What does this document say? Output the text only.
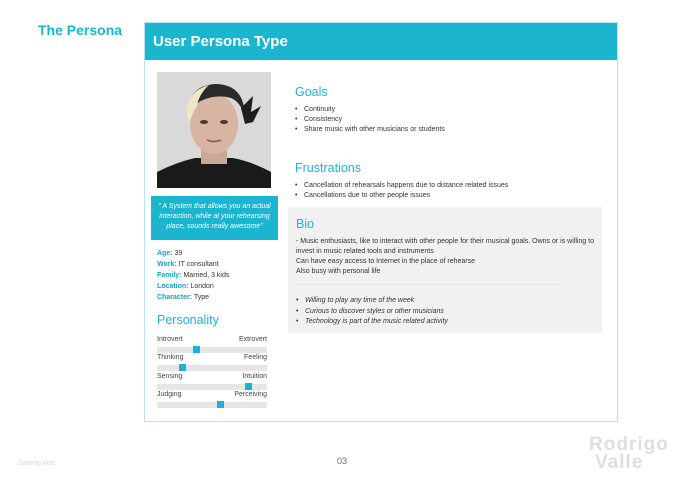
The Persona
User Persona Type
" A System that allows you an actual interaction, while at your rehearsing place, sounds really awesome"
Age: 39
Work: IT consultant
Family: Married, 3 kids
Location: London
Character: Type
Personality
Introvert	Extrovert
Thinking	Feeling
Sensing	Intuition
Judging	Perceiving
Goals
• Continuity
• Consistency
• Share music with other musicians or students
Frustrations
• Cancellation of rehearsals happens due to distance related issues
• Cancellations due to other people issues
Bio
- Music enthusiasts, like to interact with other people for their musical goals. Owns or is willing to invest in music related tools and instruments
Can have easy access to Internet in the place of rehearse
Also busy with personal life
• Willing to play any time of the week
• Curious to discover styles or other musicians
• Technology is part of the music related activity
Jammp ooo	03
Rodrigo
Valle
